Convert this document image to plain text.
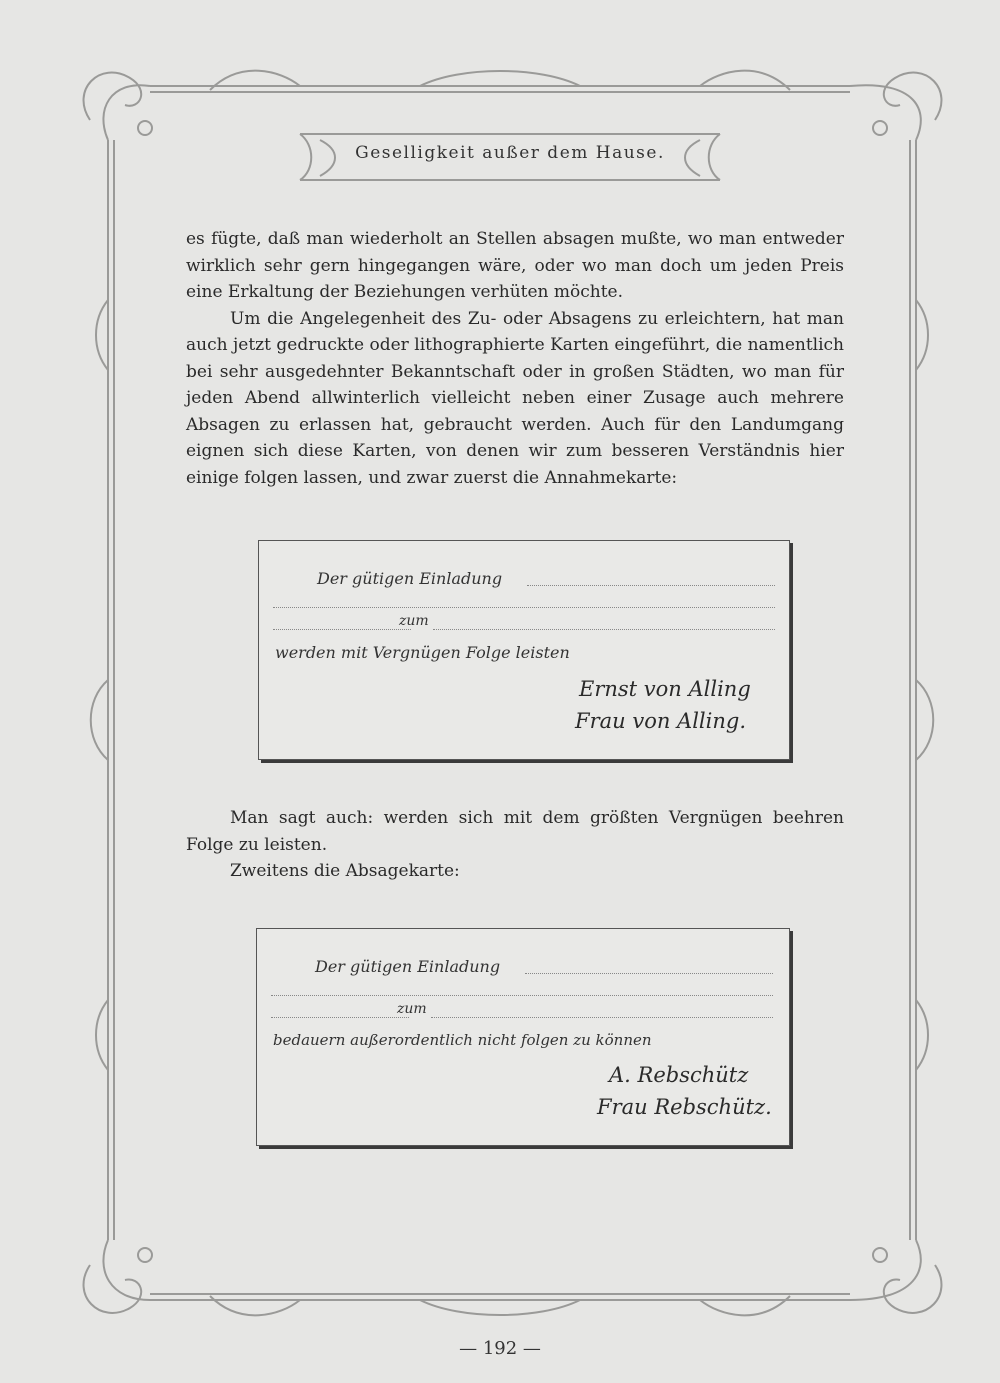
Geselligkeit außer dem Hause.

es fügte, daß man wiederholt an Stellen absagen mußte, wo man entweder wirklich sehr gern hingegangen wäre, oder wo man doch um jeden Preis eine Erkaltung der Beziehungen verhüten möchte.

Um die Angelegenheit des Zu- oder Absagens zu erleichtern, hat man auch jetzt gedruckte oder lithographierte Karten eingeführt, die namentlich bei sehr ausgedehnter Bekanntschaft oder in großen Städten, wo man für jeden Abend allwinterlich vielleicht neben einer Zusage auch mehrere Absagen zu erlassen hat, gebraucht werden. Auch für den Landumgang eignen sich diese Karten, von denen wir zum besseren Verständnis hier einige folgen lassen, und zwar zuerst die Annahmekarte:

Der gütigen Einladung
zum
werden mit Vergnügen Folge leisten
Ernst von Alling
Frau von Alling.

Man sagt auch: werden sich mit dem größten Vergnügen beehren Folge zu leisten.

Zweitens die Absagekarte:

Der gütigen Einladung
zum
bedauern außerordentlich nicht folgen zu können
A. Rebschütz
Frau Rebschütz.
— 192 —
